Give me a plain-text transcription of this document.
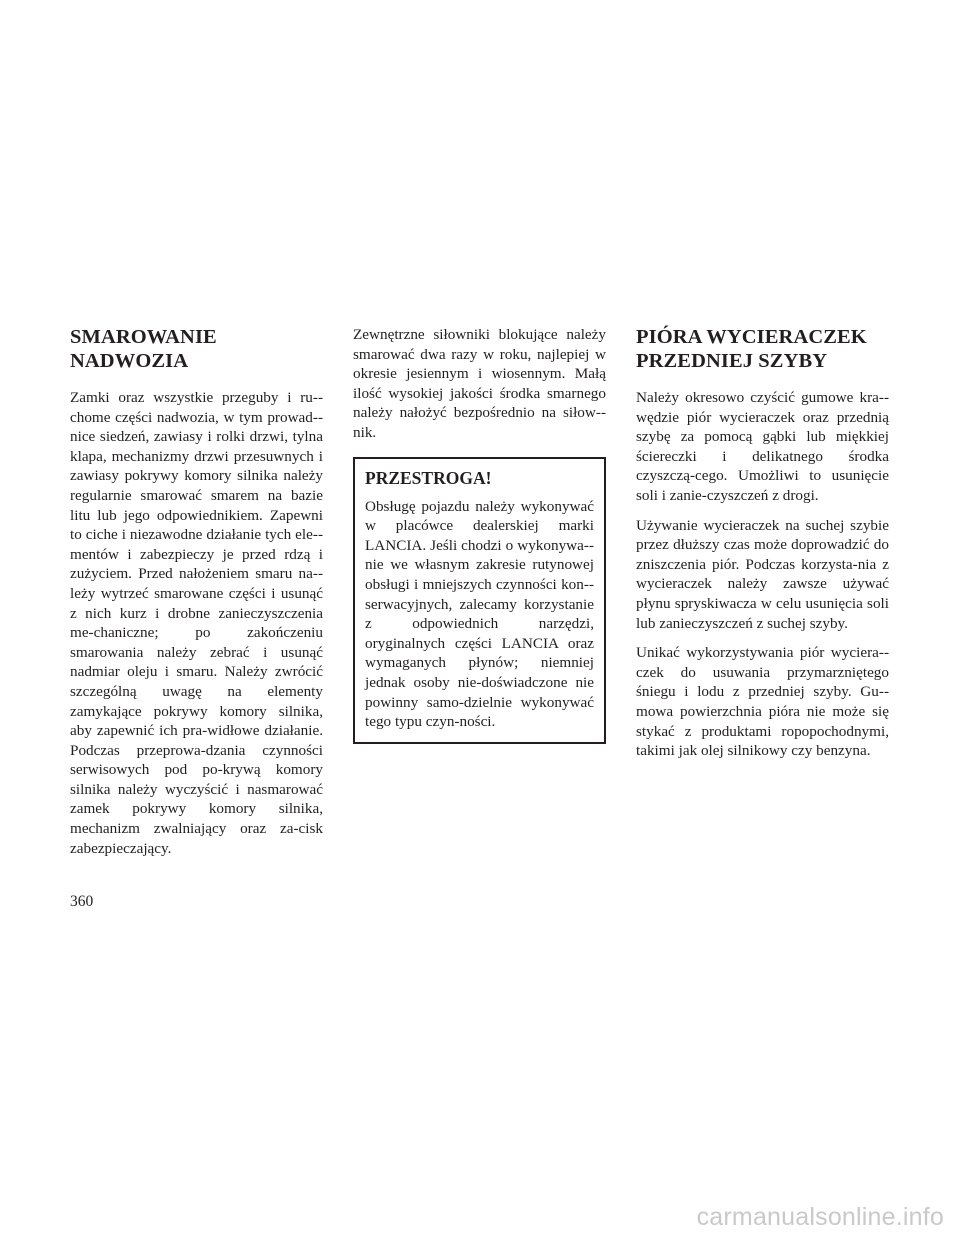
SMAROWANIE
NADWOZIA

Zamki oraz wszystkie przeguby i ru-chome części nadwozia, w tym prowad-nice siedzeń, zawiasy i rolki drzwi, tylna klapa, mechanizmy drzwi przesuwnych i zawiasy pokrywy komory silnika należy regularnie smarować smarem na bazie litu lub jego odpowiednikiem. Zapewni to ciche i niezawodne działanie tych ele-mentów i zabezpieczy je przed rdzą i zużyciem. Przed nałożeniem smaru na-leży wytrzeć smarowane części i usunąć z nich kurz i drobne zanieczyszczenia me-chaniczne; po zakończeniu smarowania należy zebrać i usunąć nadmiar oleju i smaru. Należy zwrócić szczególną uwagę na elementy zamykające pokrywy komory silnika, aby zapewnić ich pra-widłowe działanie. Podczas przeprowa-dzania czynności serwisowych pod po-krywą komory silnika należy wyczyścić i nasmarować zamek pokrywy komory silnika, mechanizm zwalniający oraz za-cisk zabezpieczający.

Zewnętrzne siłowniki blokujące należy smarować dwa razy w roku, najlepiej w okresie jesiennym i wiosennym. Małą ilość wysokiej jakości środka smarnego należy nałożyć bezpośrednio na siłow-nik.

PRZESTROGA!

Obsługę pojazdu należy wykonywać w placówce dealerskiej marki LANCIA. Jeśli chodzi o wykonywa-nie we własnym zakresie rutynowej obsługi i mniejszych czynności kon-serwacyjnych, zalecamy korzystanie z odpowiednich narzędzi, oryginalnych części LANCIA oraz wymaganych płynów; niemniej jednak osoby nie-doświadczone nie powinny samo-dzielnie wykonywać tego typu czyn-ności.

PIÓRA WYCIERACZEK
PRZEDNIEJ SZYBY

Należy okresowo czyścić gumowe kra-wędzie piór wycieraczek oraz przednią szybę za pomocą gąbki lub miękkiej ściereczki i delikatnego środka czyszczą-cego. Umożliwi to usunięcie soli i zanie-czyszczeń z drogi.

Używanie wycieraczek na suchej szybie przez dłuższy czas może doprowadzić do zniszczenia piór. Podczas korzysta-nia z wycieraczek należy zawsze używać płynu spryskiwacza w celu usunięcia soli lub zanieczyszczeń z suchej szyby.

Unikać wykorzystywania piór wyciera-czek do usuwania przymarzniętego śniegu i lodu z przedniej szyby. Gu-mowa powierzchnia pióra nie może się stykać z produktami ropopochodnymi, takimi jak olej silnikowy czy benzyna.

360
carmanualsonline.info
